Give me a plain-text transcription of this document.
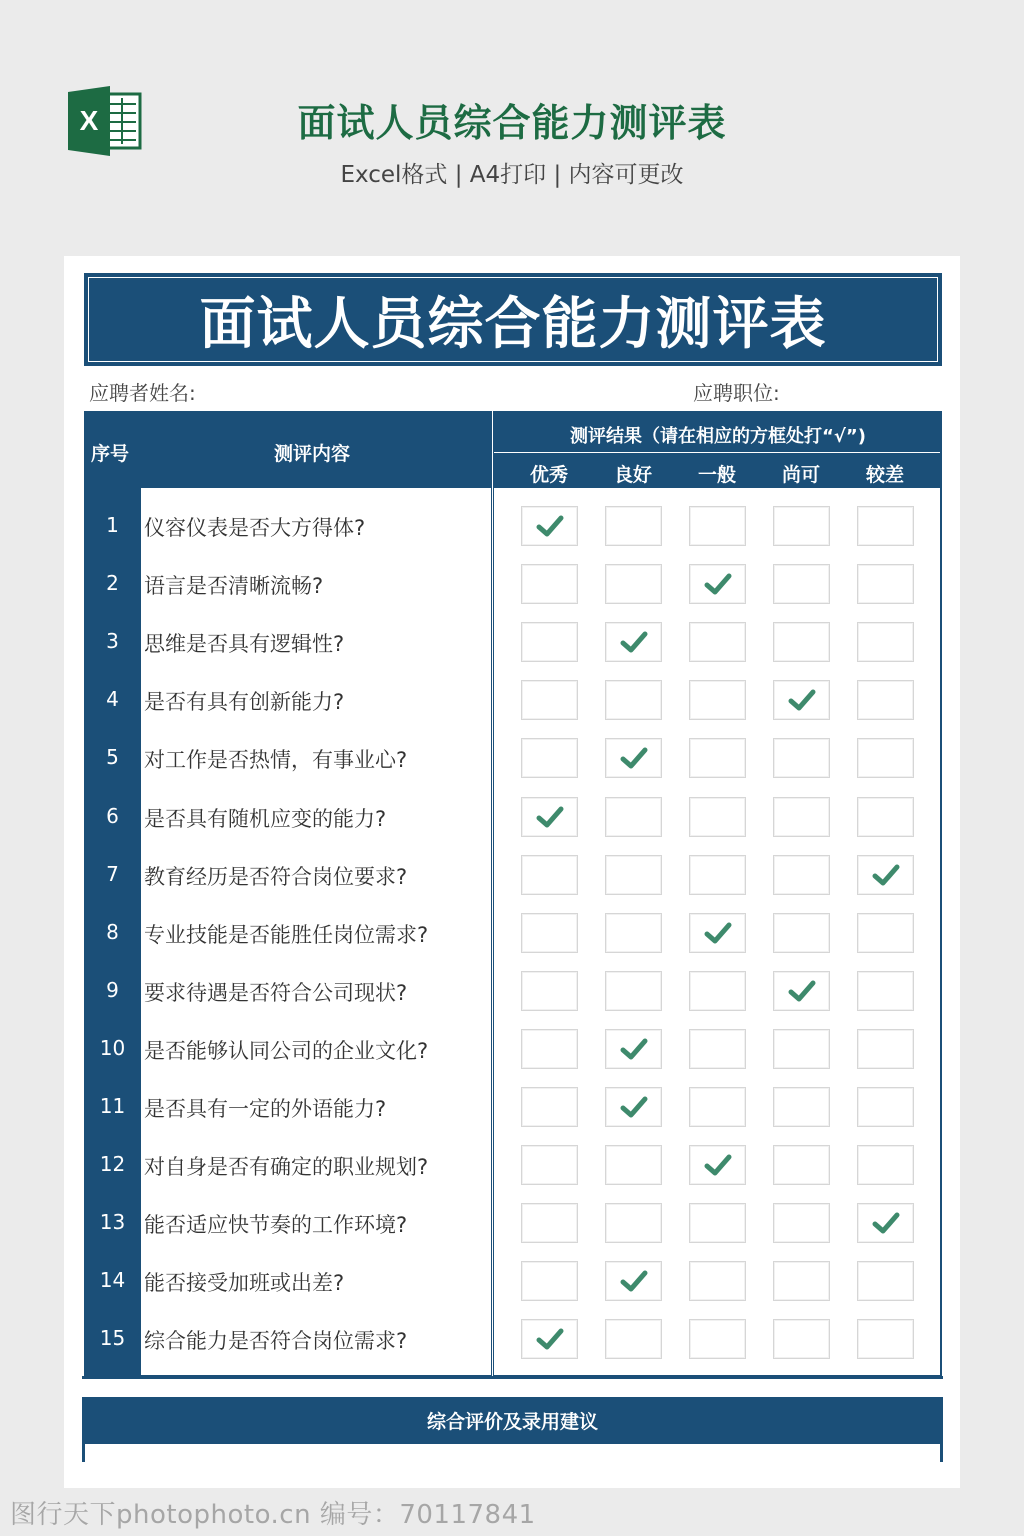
X	面试人员综合能力测评表
Excel格式 | A4打印 | 内容可更改
面试人员综合能力测评表
应聘者姓名:	应聘职位:
序号	测评内容
测评结果（请在相应的方框处打“√”)
优秀	良好	一般	尚可	较差
1	仪容仪表是否大方得体?
2	语言是否清晰流畅?
3	思维是否具有逻辑性?
4	是否有具有创新能力?
5	对工作是否热情，有事业心?
6	是否具有随机应变的能力?
7	教育经历是否符合岗位要求?
8	专业技能是否能胜任岗位需求?
9	要求待遇是否符合公司现状?
10 是否能够认同公司的企业文化?
11 是否具有一定的外语能力?
12 对自身是否有确定的职业规划?
13 能否适应快节奏的工作环境?
14 能否接受加班或出差?
15 综合能力是否符合岗位需求?
综合评价及录用建议
图行天下photophoto.cn 编号：70117841
